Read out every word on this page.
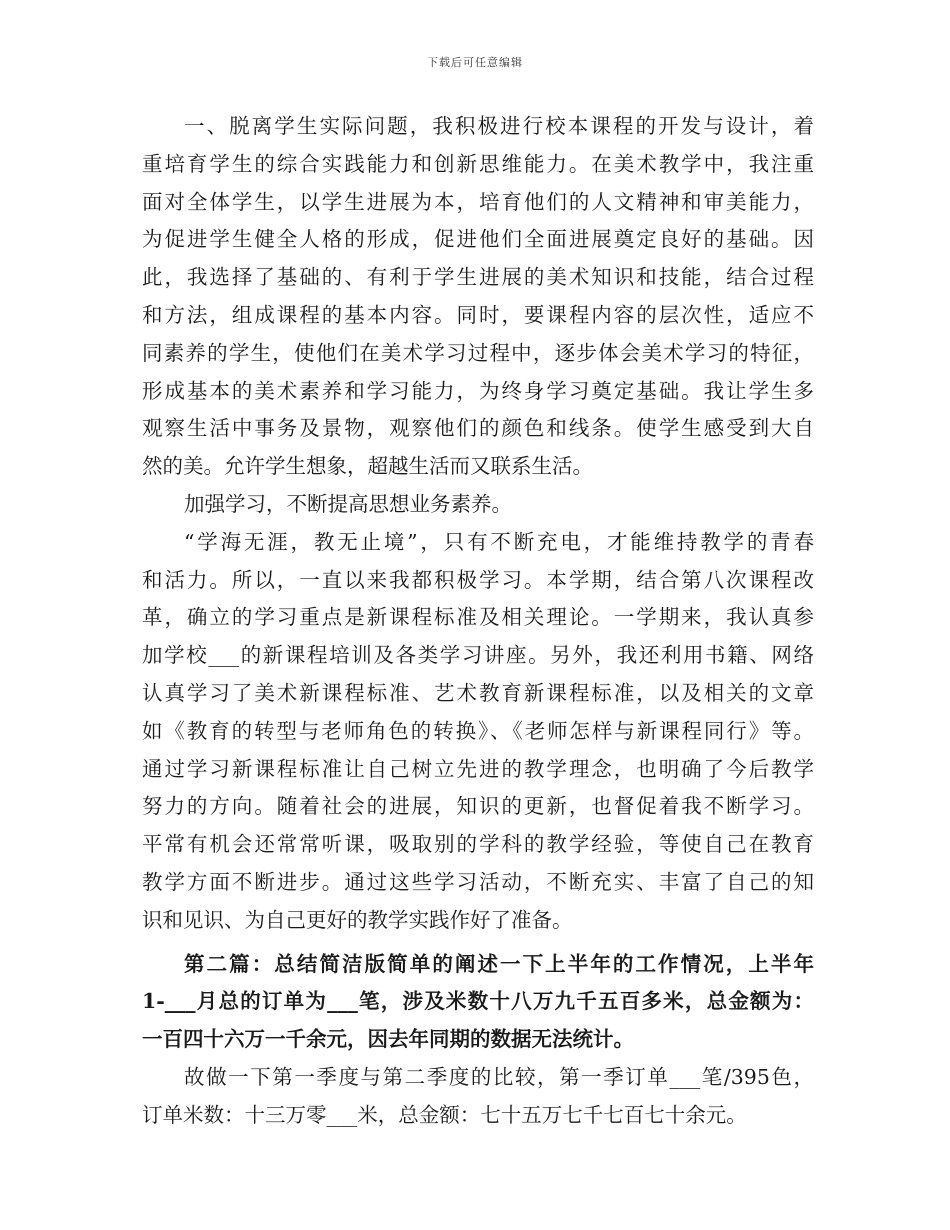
下载后可任意编辑
一、脱离学生实际问题，我积极进行校本课程的开发与设计，着
重培育学生的综合实践能力和创新思维能力。在美术教学中，我注重
面对全体学生，以学生进展为本，培育他们的人文精神和审美能力，
为促进学生健全人格的形成，促进他们全面进展奠定良好的基础。因
此，我选择了基础的、有利于学生进展的美术知识和技能，结合过程
和方法，组成课程的基本内容。同时，要课程内容的层次性，适应不
同素养的学生，使他们在美术学习过程中，逐步体会美术学习的特征，
形成基本的美术素养和学习能力，为终身学习奠定基础。我让学生多
观察生活中事务及景物，观察他们的颜色和线条。使学生感受到大自
然的美。允许学生想象，超越生活而又联系生活。
加强学习，不断提高思想业务素养。
“学海无涯，教无止境”，只有不断充电，才能维持教学的青春
和活力。所以，一直以来我都积极学习。本学期，结合第八次课程改
革，确立的学习重点是新课程标准及相关理论。一学期来，我认真参
加学校___的新课程培训及各类学习讲座。另外，我还利用书籍、网络
认真学习了美术新课程标准、艺术教育新课程标准，以及相关的文章
如《教育的转型与老师角色的转换》、《老师怎样与新课程同行》等。
通过学习新课程标准让自己树立先进的教学理念，也明确了今后教学
努力的方向。随着社会的进展，知识的更新，也督促着我不断学习。
平常有机会还常常听课，吸取别的学科的教学经验，等使自己在教育
教学方面不断进步。通过这些学习活动，不断充实、丰富了自己的知
识和见识、为自己更好的教学实践作好了准备。
第二篇：总结简洁版简单的阐述一下上半年的工作情况，上半年
1-___月总的订单为___笔，涉及米数十八万九千五百多米，总金额为：
一百四十六万一千余元，因去年同期的数据无法统计。
故做一下第一季度与第二季度的比较，第一季订单___笔/395色，
订单米数：十三万零___米，总金额：七十五万七千七百七十余元。
